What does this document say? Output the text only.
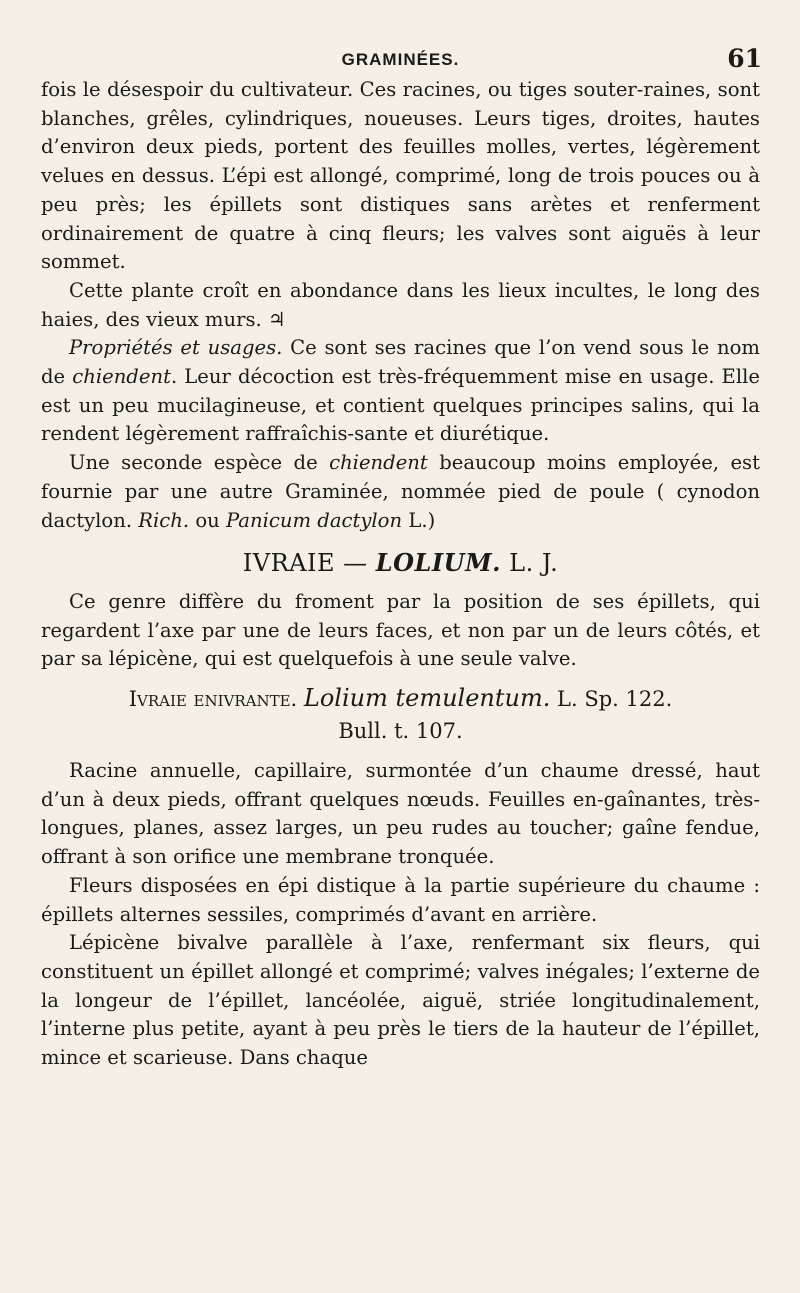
GRAMINÉES.	61

fois le désespoir du cultivateur. Ces racines, ou tiges souter-raines, sont blanches, grêles, cylindriques, noueuses. Leurs tiges, droites, hautes d’environ deux pieds, portent des feuilles molles, vertes, légèrement velues en dessus. L’épi est allongé, comprimé, long de trois pouces ou à peu près; les épillets sont distiques sans arètes et renferment ordinairement de quatre à cinq fleurs; les valves sont aiguës à leur sommet.

Cette plante croît en abondance dans les lieux incultes, le long des haies, des vieux murs. ♃

Propriétés et usages. Ce sont ses racines que l’on vend sous le nom de chiendent. Leur décoction est très-fréquemment mise en usage. Elle est un peu mucilagineuse, et contient quelques principes salins, qui la rendent légèrement raffraîchis-sante et diurétique.

Une seconde espèce de chiendent beaucoup moins employée, est fournie par une autre Graminée, nommée pied de poule ( cynodon dactylon. Rich. ou Panicum dactylon L.)

IVRAIE — LOLIUM. L. J.

Ce genre diffère du froment par la position de ses épillets, qui regardent l’axe par une de leurs faces, et non par un de leurs côtés, et par sa lépicène, qui est quelquefois à une seule valve.

Ivraie enivrante. Lolium temulentum. L. Sp. 122.
Bull. t. 107.

Racine annuelle, capillaire, surmontée d’un chaume dressé, haut d’un à deux pieds, offrant quelques nœuds. Feuilles en-gaînantes, très-longues, planes, assez larges, un peu rudes au toucher; gaîne fendue, offrant à son orifice une membrane tronquée.

Fleurs disposées en épi distique à la partie supérieure du chaume : épillets alternes sessiles, comprimés d’avant en arrière.

Lépicène bivalve parallèle à l’axe, renfermant six fleurs, qui constituent un épillet allongé et comprimé; valves inégales; l’externe de la longeur de l’épillet, lancéolée, aiguë, striée longitudinalement, l’interne plus petite, ayant à peu près le tiers de la hauteur de l’épillet, mince et scarieuse. Dans chaque
